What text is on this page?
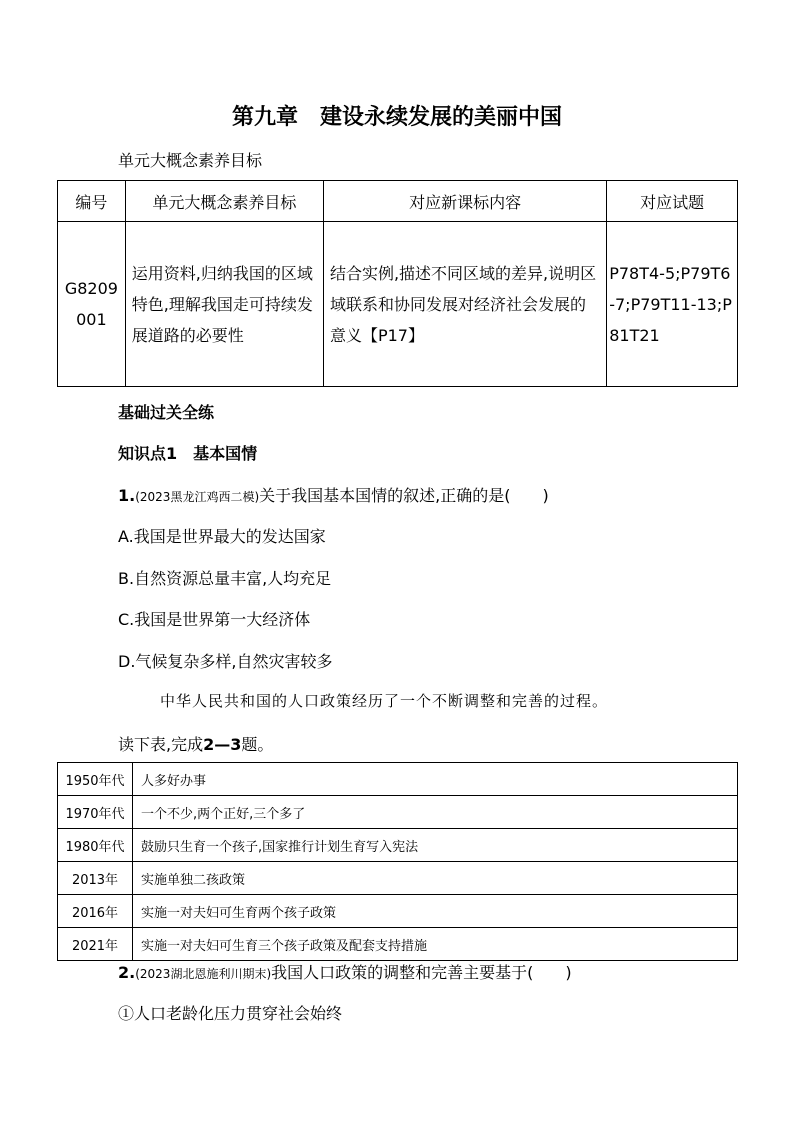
第九章　建设永续发展的美丽中国
单元大概念素养目标
编号	单元大概念素养目标	对应新课标内容	对应试题
G8209001	运用资料,归纳我国的区域特色,理解我国走可持续发展道路的必要性	结合实例,描述不同区域的差异,说明区域联系和协同发展对经济社会发展的意义【P17】	P78T4-5;P79T6-7;P79T11-13;P81T21
基础过关全练
知识点1　基本国情
1.(2023黑龙江鸡西二模)关于我国基本国情的叙述,正确的是(　　)
A.我国是世界最大的发达国家
B.自然资源总量丰富,人均充足
C.我国是世界第一大经济体
D.气候复杂多样,自然灾害较多
中华人民共和国的人口政策经历了一个不断调整和完善的过程。
读下表,完成2—3题。
1950年代	人多好办事
1970年代	一个不少,两个正好,三个多了
1980年代	鼓励只生育一个孩子,国家推行计划生育写入宪法
2013年	实施单独二孩政策
2016年	实施一对夫妇可生育两个孩子政策
2021年	实施一对夫妇可生育三个孩子政策及配套支持措施
2.(2023湖北恩施利川期末)我国人口政策的调整和完善主要基于(　　)
①人口老龄化压力贯穿社会始终
